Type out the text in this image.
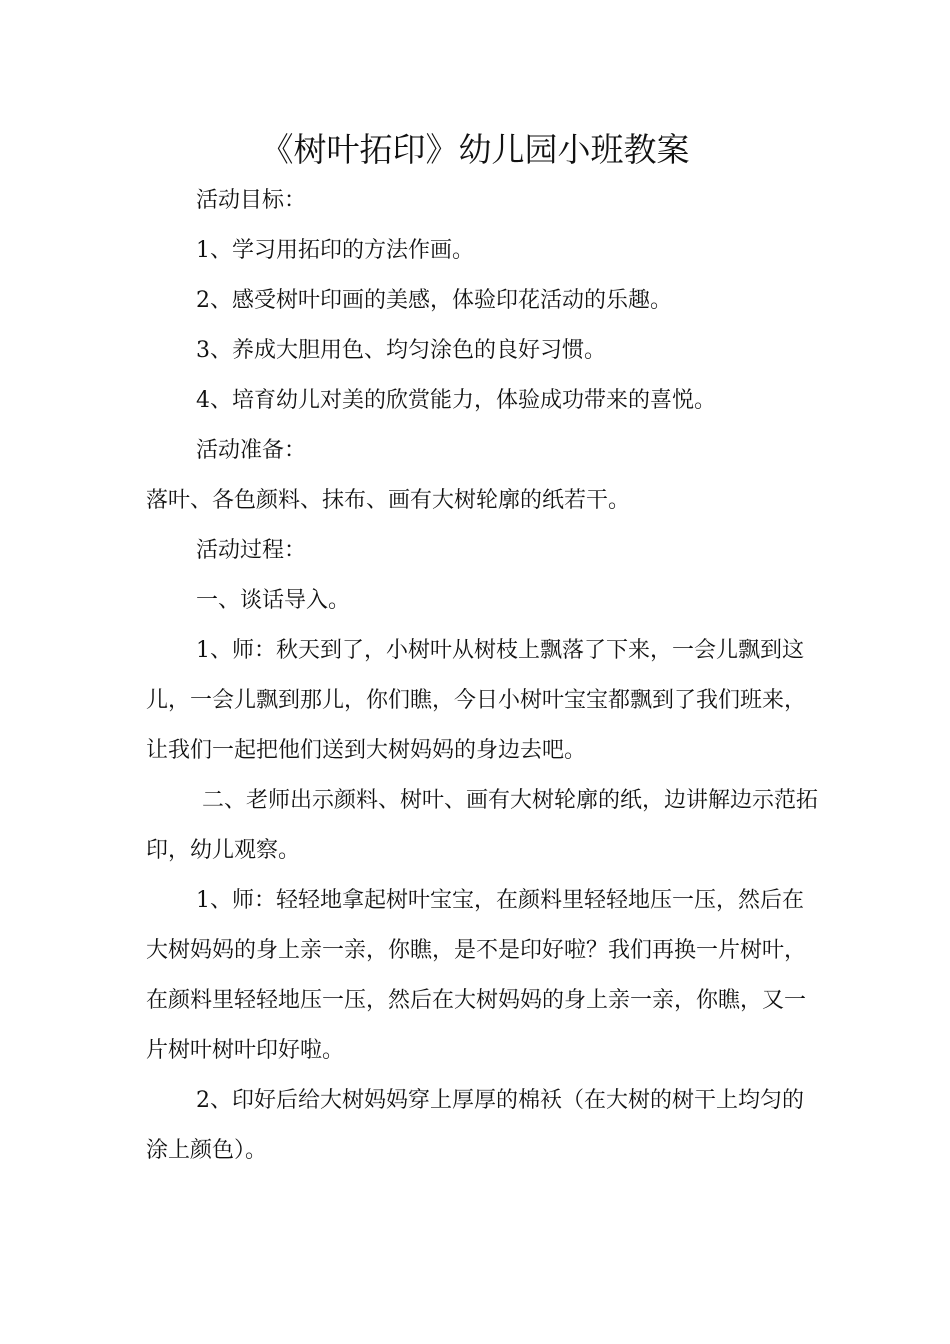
《树叶拓印》幼儿园小班教案

活动目标：

1、学习用拓印的方法作画。

2、感受树叶印画的美感，体验印花活动的乐趣。

3、养成大胆用色、均匀涂色的良好习惯。

4、培育幼儿对美的欣赏能力，体验成功带来的喜悦。

活动准备：

落叶、各色颜料、抹布、画有大树轮廓的纸若干。

活动过程：

一、谈话导入。

1、师：秋天到了，小树叶从树枝上飘落了下来，一会儿飘到这儿，一会儿飘到那儿，你们瞧，今日小树叶宝宝都飘到了我们班来，让我们一起把他们送到大树妈妈的身边去吧。

二、老师出示颜料、树叶、画有大树轮廓的纸，边讲解边示范拓印，幼儿观察。

1、师：轻轻地拿起树叶宝宝，在颜料里轻轻地压一压，然后在大树妈妈的身上亲一亲，你瞧，是不是印好啦？我们再换一片树叶，在颜料里轻轻地压一压，然后在大树妈妈的身上亲一亲，你瞧，又一片树叶树叶印好啦。

2、印好后给大树妈妈穿上厚厚的棉袄（在大树的树干上均匀的涂上颜色）。
